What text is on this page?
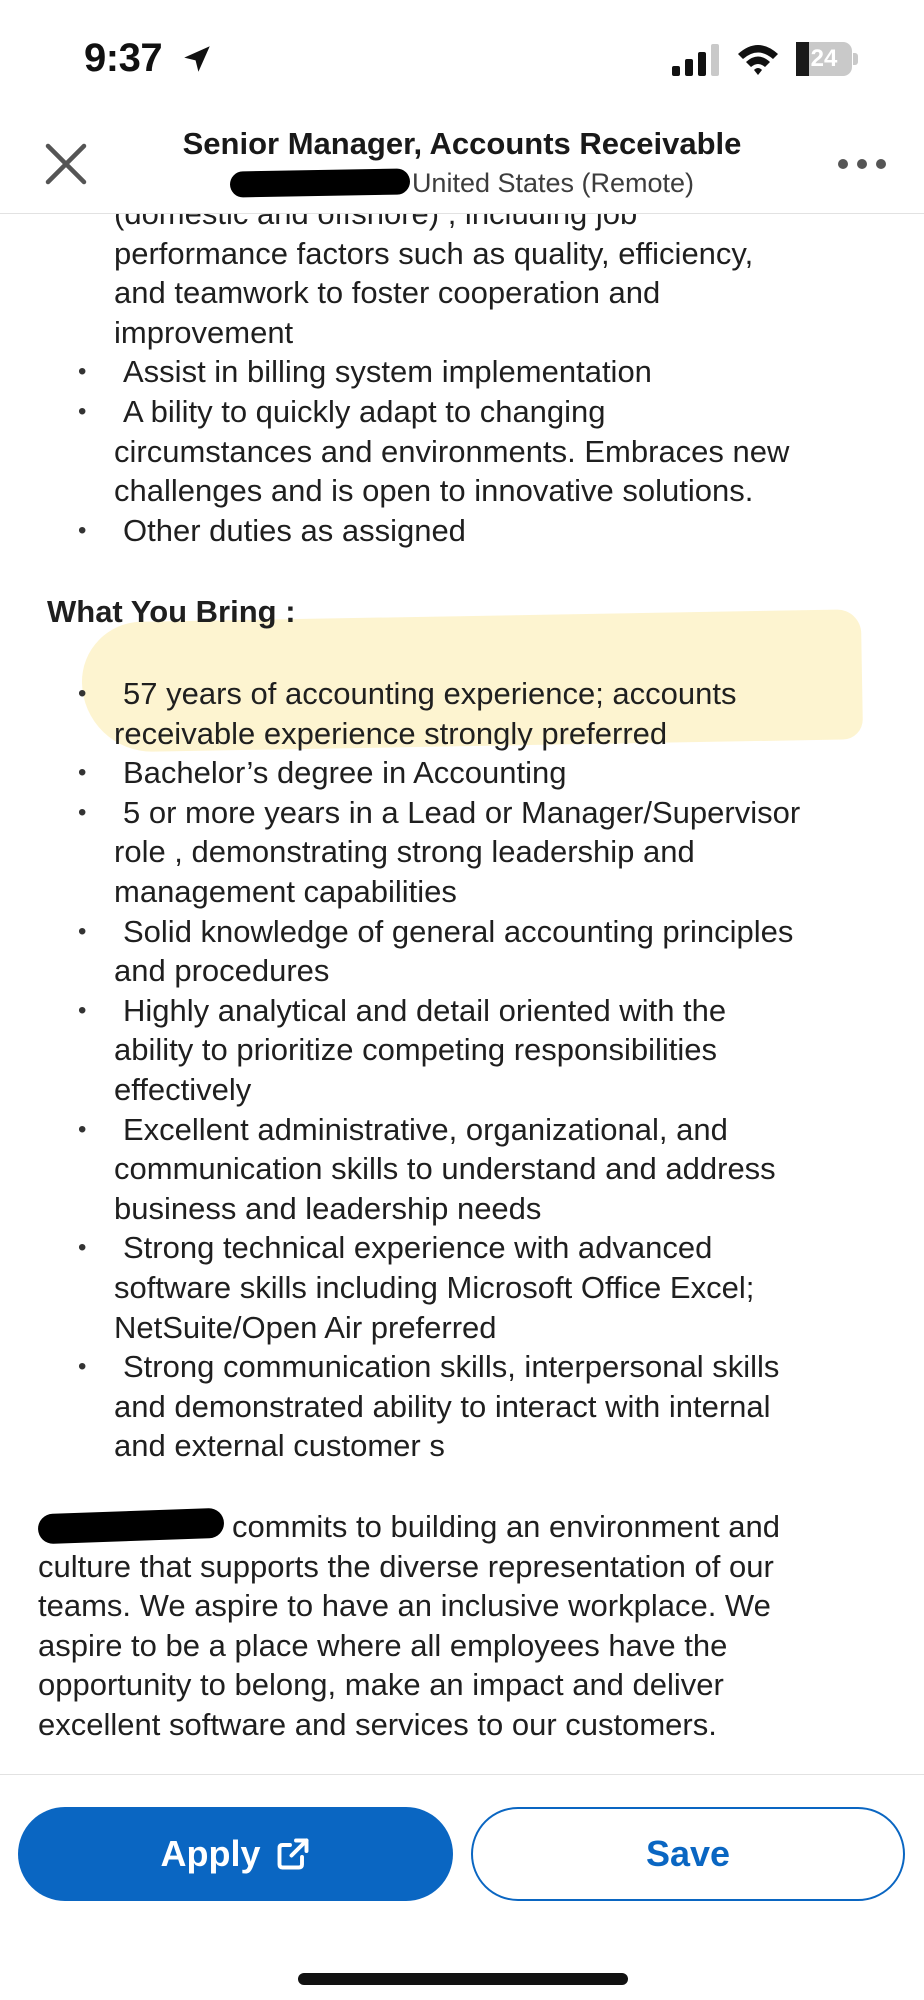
9:37	24
Senior Manager, Accounts Receivable
United States (Remote)
performance factors such as quality, efficiency,
and teamwork to foster cooperation and
improvement
• Assist in billing system implementation
• A bility to quickly adapt to changing
circumstances and environments. Embraces new
challenges and is open to innovative solutions.
• Other duties as assigned
What You Bring :
• 57 years of accounting experience; accounts
receivable experience strongly preferred
• Bachelor’s degree in Accounting
• 5 or more years in a Lead or Manager/Supervisor
role , demonstrating strong leadership and
management capabilities
• Solid knowledge of general accounting principles
and procedures
• Highly analytical and detail oriented with the
ability to prioritize competing responsibilities
effectively
• Excellent administrative, organizational, and
communication skills to understand and address
business and leadership needs
• Strong technical experience with advanced
software skills including Microsoft Office Excel;
NetSuite/Open Air preferred
• Strong communication skills, interpersonal skills
and demonstrated ability to interact with internal
and external customer s
commits to building an environment and
culture that supports the diverse representation of our
teams. We aspire to have an inclusive workplace. We
aspire to be a place where all employees have the
opportunity to belong, make an impact and deliver
excellent software and services to our customers.
Apply	Save
